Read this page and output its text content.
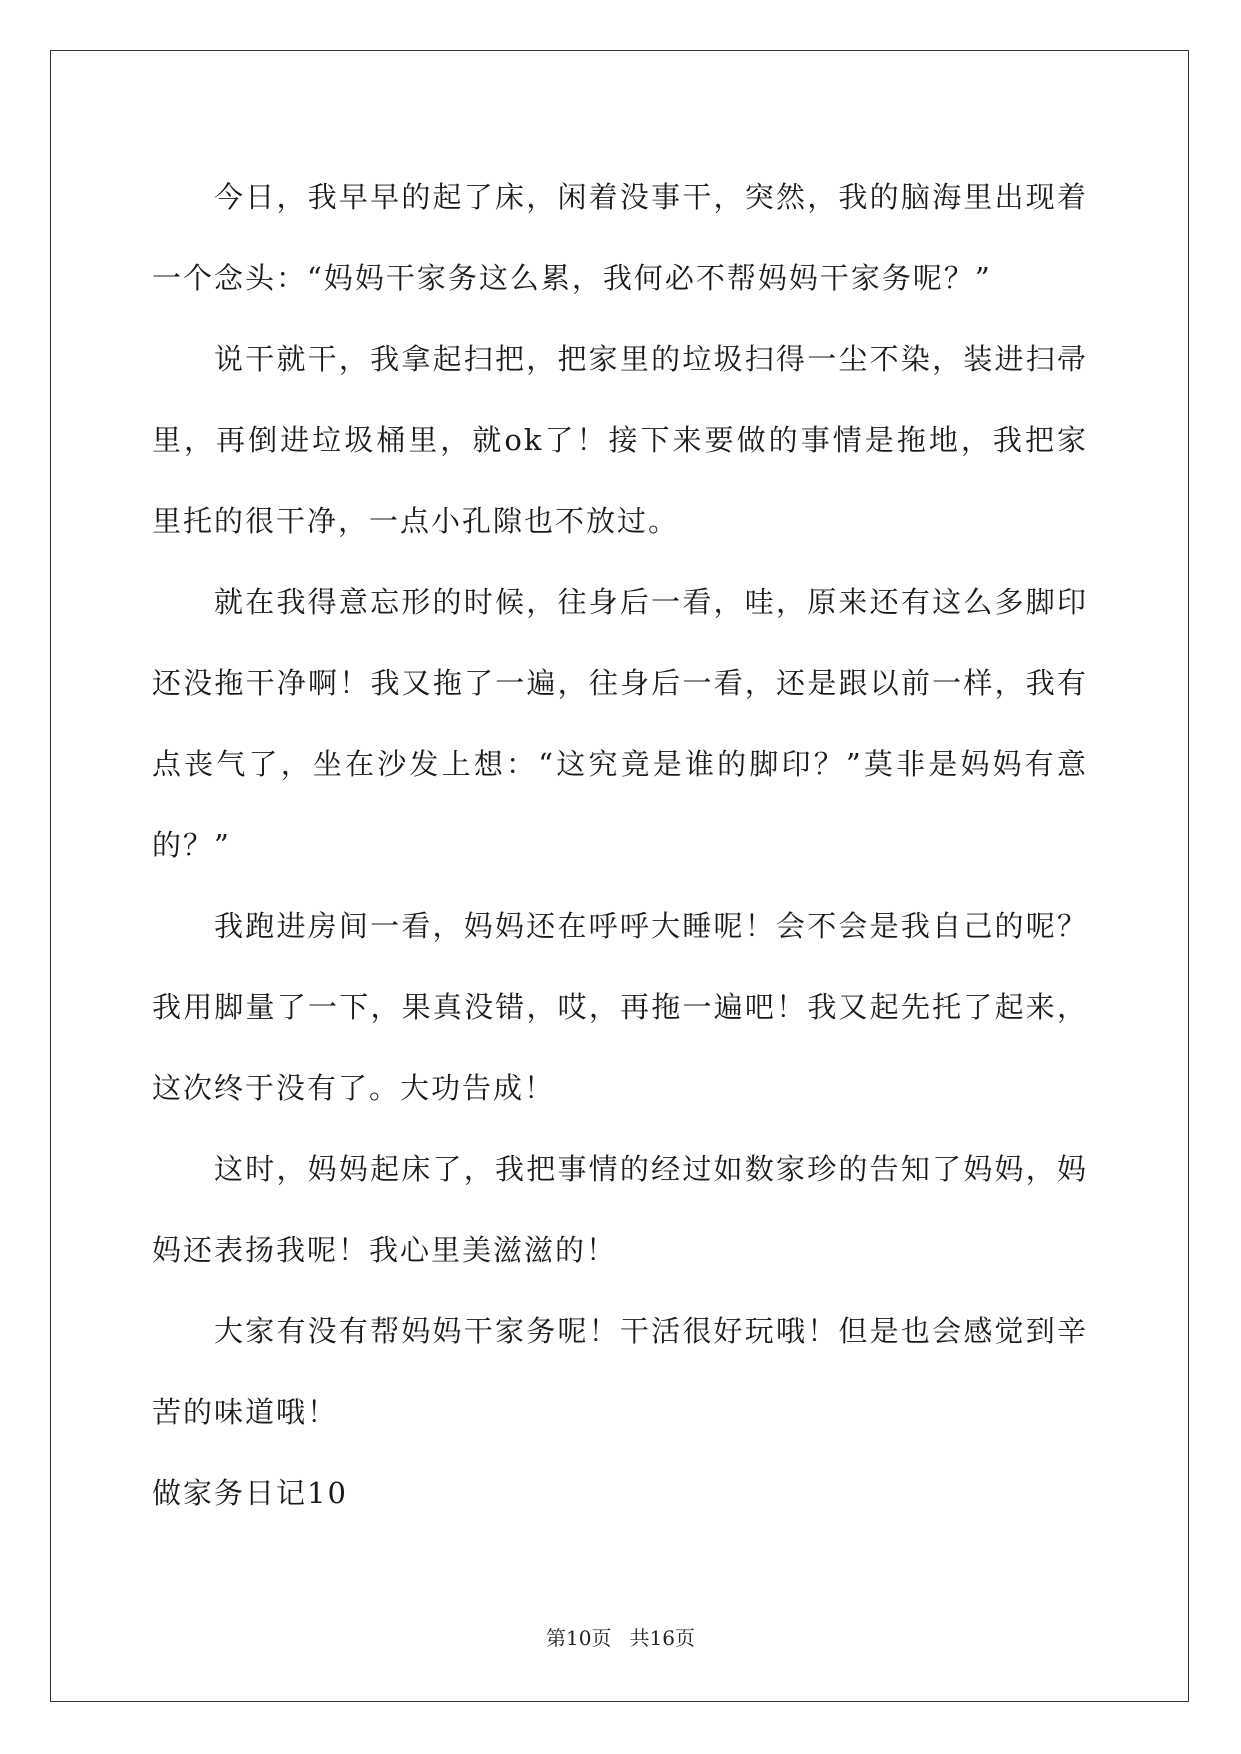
今日，我早早的起了床，闲着没事干，突然，我的脑海里出现着一个念头：“妈妈干家务这么累，我何必不帮妈妈干家务呢？”

说干就干，我拿起扫把，把家里的垃圾扫得一尘不染，装进扫帚里，再倒进垃圾桶里，就ok了！接下来要做的事情是拖地，我把家里托的很干净，一点小孔隙也不放过。

就在我得意忘形的时候，往身后一看，哇，原来还有这么多脚印还没拖干净啊！我又拖了一遍，往身后一看，还是跟以前一样，我有点丧气了，坐在沙发上想：“这究竟是谁的脚印？”莫非是妈妈有意的？”

我跑进房间一看，妈妈还在呼呼大睡呢！会不会是我自己的呢？我用脚量了一下，果真没错，哎，再拖一遍吧！我又起先托了起来，这次终于没有了。大功告成！

这时，妈妈起床了，我把事情的经过如数家珍的告知了妈妈，妈妈还表扬我呢！我心里美滋滋的！

大家有没有帮妈妈干家务呢！干活很好玩哦！但是也会感觉到辛苦的味道哦！

做家务日记10

第10页 共16页
